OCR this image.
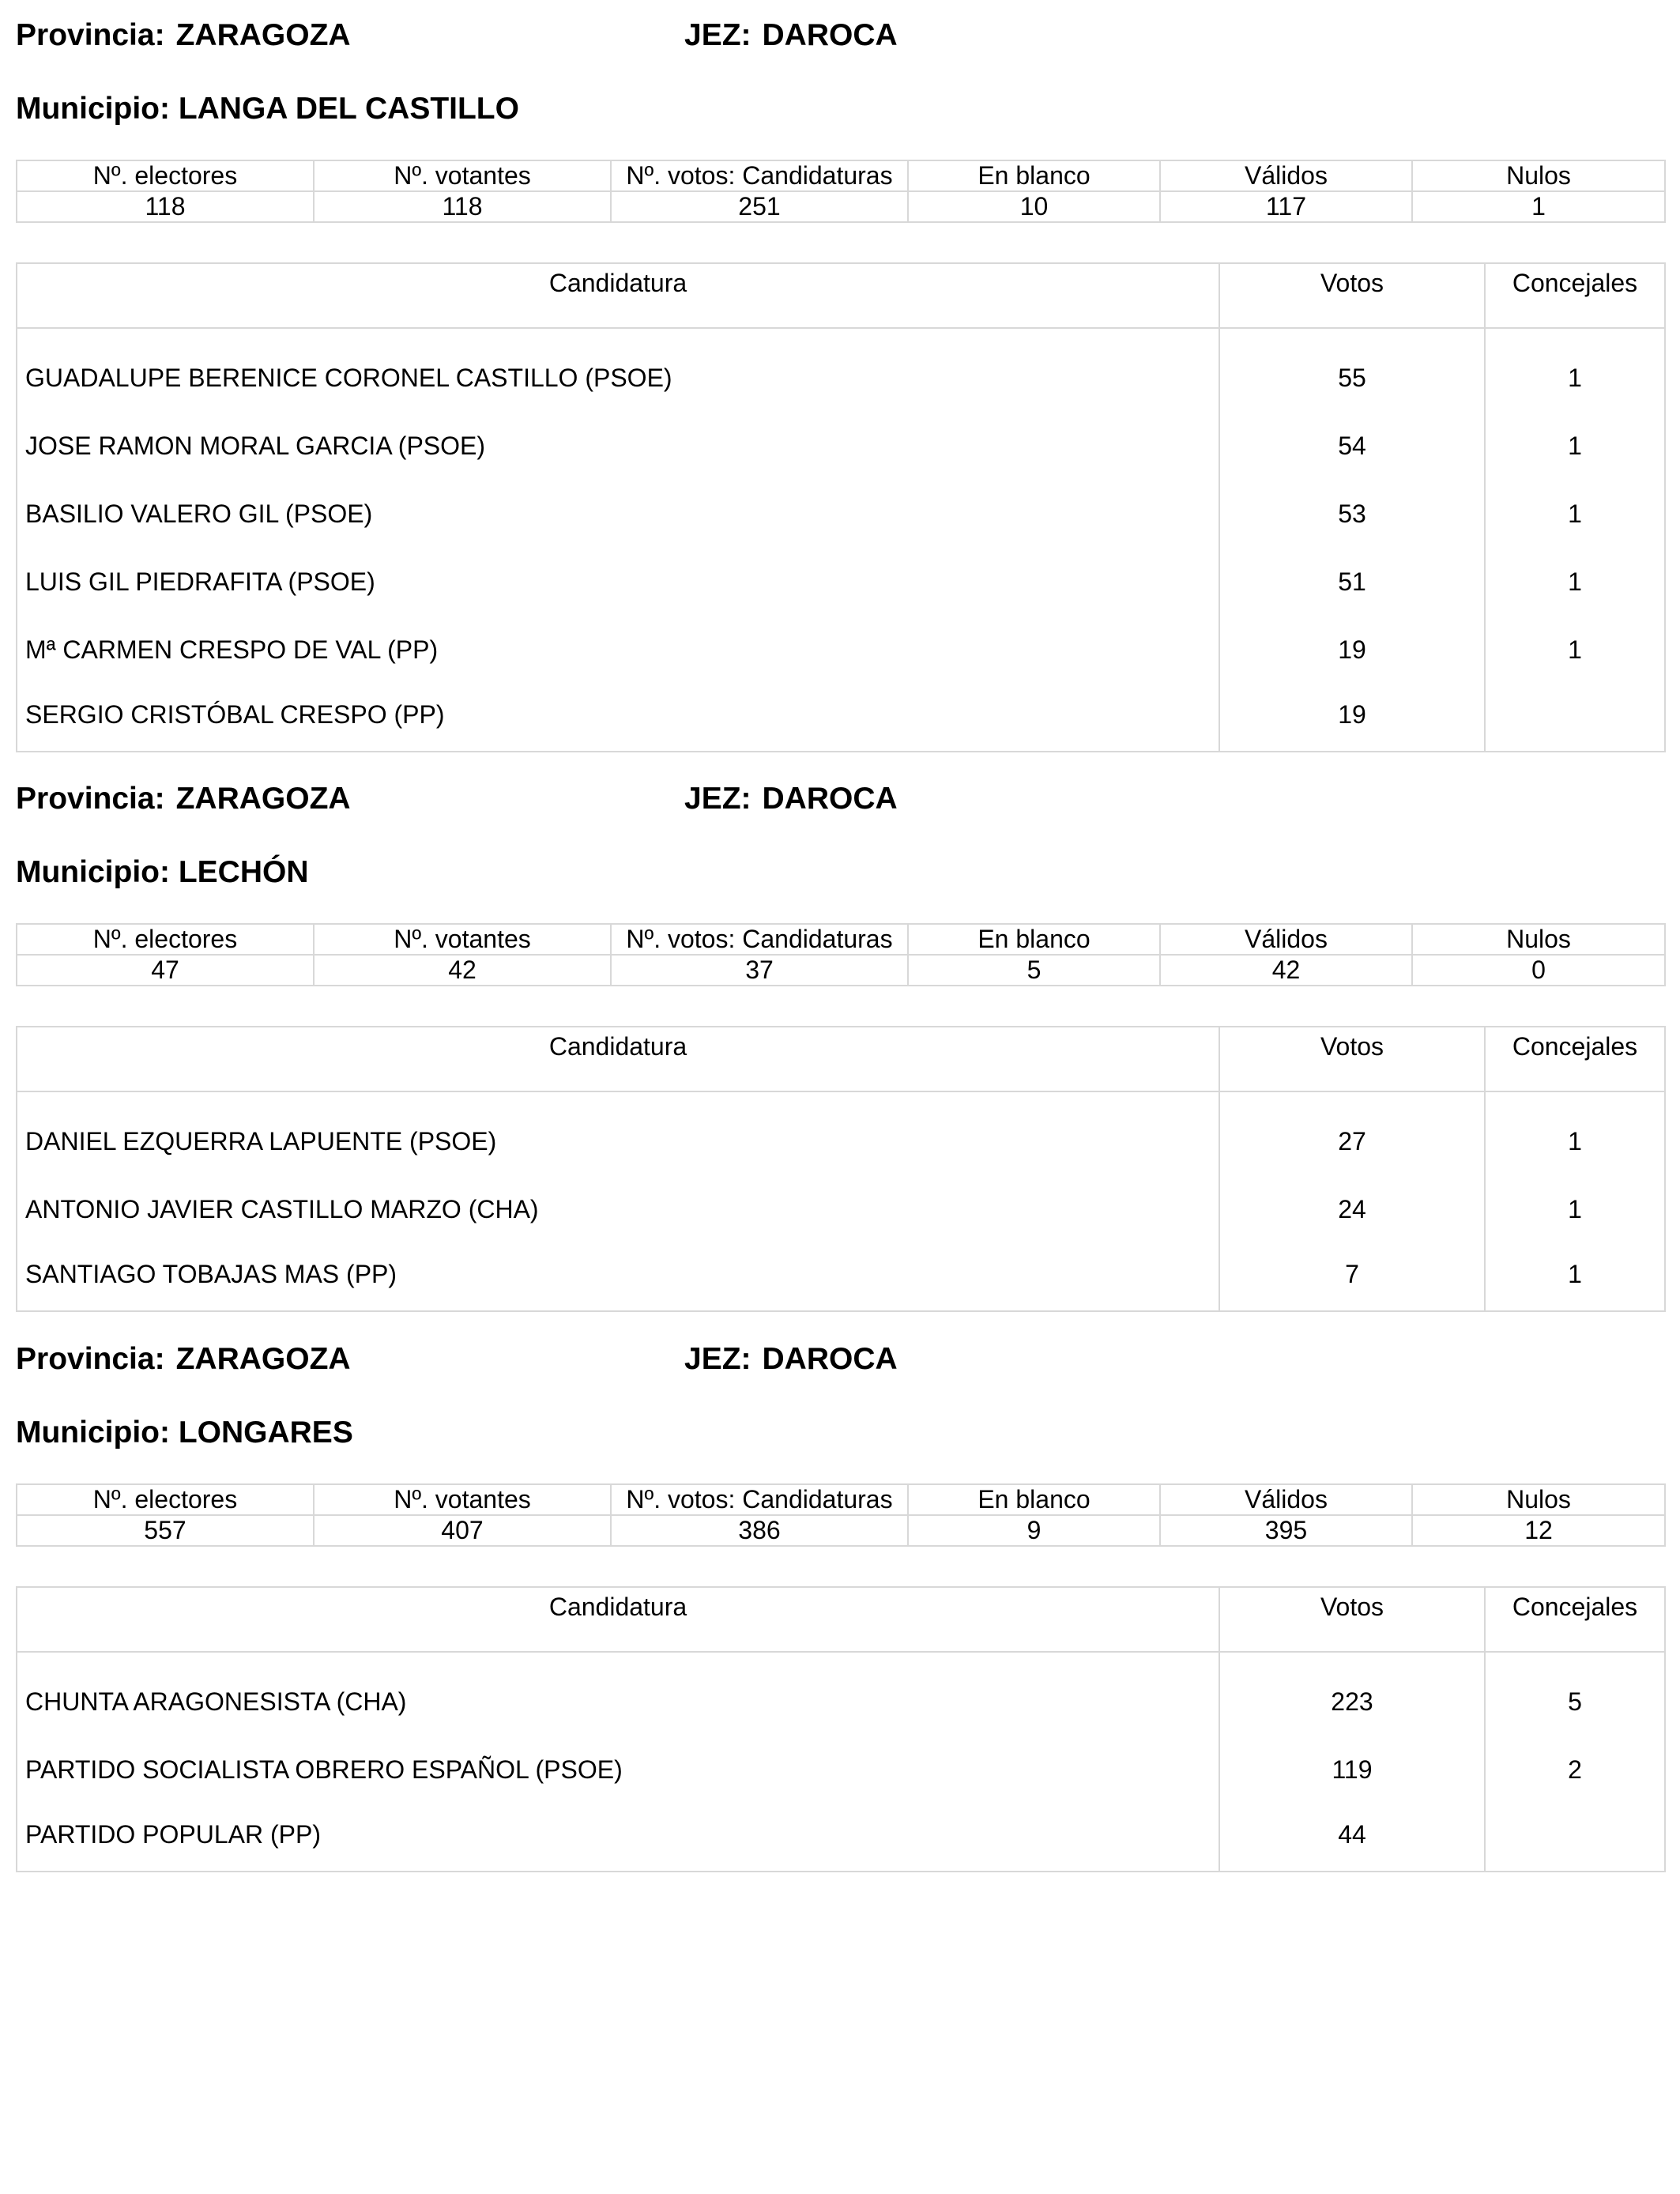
Provincia: ZARAGOZA	JEZ: DAROCA
Municipio: LANGA DEL CASTILLO
Nº. electores	Nº. votantes	Nº. votos: Candidaturas	En blanco	Válidos	Nulos
118	118	251	10	117	1
Candidatura	Votos	Concejales
GUADALUPE BERENICE CORONEL CASTILLO (PSOE)	55	1
JOSE RAMON MORAL GARCIA (PSOE)	54	1
BASILIO VALERO GIL (PSOE)	53	1
LUIS GIL PIEDRAFITA (PSOE)	51	1
Mª CARMEN CRESPO DE VAL (PP)	19	1
SERGIO CRISTÓBAL CRESPO (PP)	19	
Provincia: ZARAGOZA	JEZ: DAROCA
Municipio: LECHÓN
Nº. electores	Nº. votantes	Nº. votos: Candidaturas	En blanco	Válidos	Nulos
47	42	37	5	42	0
Candidatura	Votos	Concejales
DANIEL EZQUERRA LAPUENTE (PSOE)	27	1
ANTONIO JAVIER CASTILLO MARZO (CHA)	24	1
SANTIAGO TOBAJAS MAS (PP)	7	1
Provincia: ZARAGOZA	JEZ: DAROCA
Municipio: LONGARES
Nº. electores	Nº. votantes	Nº. votos: Candidaturas	En blanco	Válidos	Nulos
557	407	386	9	395	12
Candidatura	Votos	Concejales
CHUNTA ARAGONESISTA (CHA)	223	5
PARTIDO SOCIALISTA OBRERO ESPAÑOL (PSOE)	119	2
PARTIDO POPULAR (PP)	44	
